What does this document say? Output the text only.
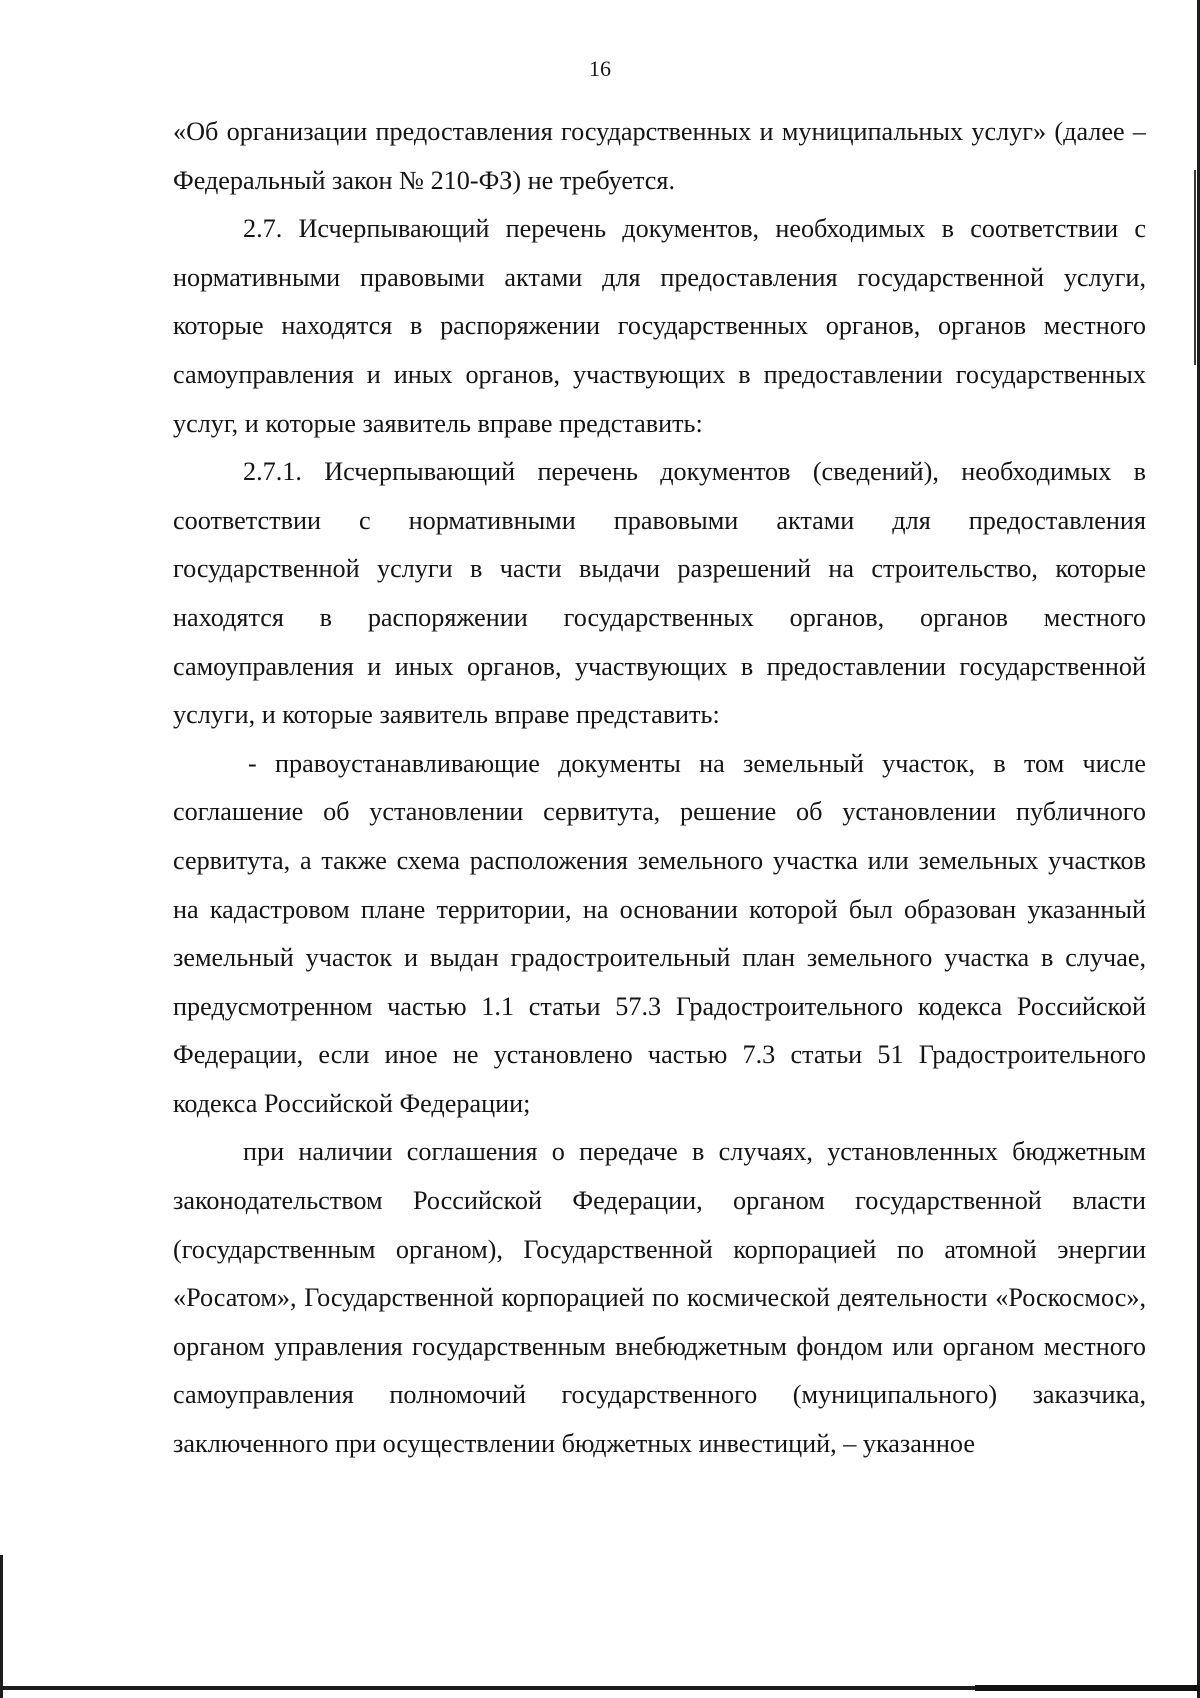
16

«Об организации предоставления государственных и муниципальных услуг» (далее – Федеральный закон № 210-ФЗ) не требуется.

2.7. Исчерпывающий перечень документов, необходимых в соответствии с нормативными правовыми актами для предоставления государственной услуги, которые находятся в распоряжении государственных органов, органов местного самоуправления и иных органов, участвующих в предоставлении государственных услуг, и которые заявитель вправе представить:

2.7.1. Исчерпывающий перечень документов (сведений), необходимых в соответствии с нормативными правовыми актами для предоставления государственной услуги в части выдачи разрешений на строительство, которые находятся в распоряжении государственных органов, органов местного самоуправления и иных органов, участвующих в предоставлении государственной услуги, и которые заявитель вправе представить:

- правоустанавливающие документы на земельный участок, в том числе соглашение об установлении сервитута, решение об установлении публичного сервитута, а также схема расположения земельного участка или земельных участков на кадастровом плане территории, на основании которой был образован указанный земельный участок и выдан градостроительный план земельного участка в случае, предусмотренном частью 1.1 статьи 57.3 Градостроительного кодекса Российской Федерации, если иное не установлено частью 7.3 статьи 51 Градостроительного кодекса Российской Федерации;

при наличии соглашения о передаче в случаях, установленных бюджетным законодательством Российской Федерации, органом государственной власти (государственным органом), Государственной корпорацией по атомной энергии «Росатом», Государственной корпорацией по космической деятельности «Роскосмос», органом управления государственным внебюджетным фондом или органом местного самоуправления полномочий государственного (муниципального) заказчика, заключенного при осуществлении бюджетных инвестиций, – указанное
